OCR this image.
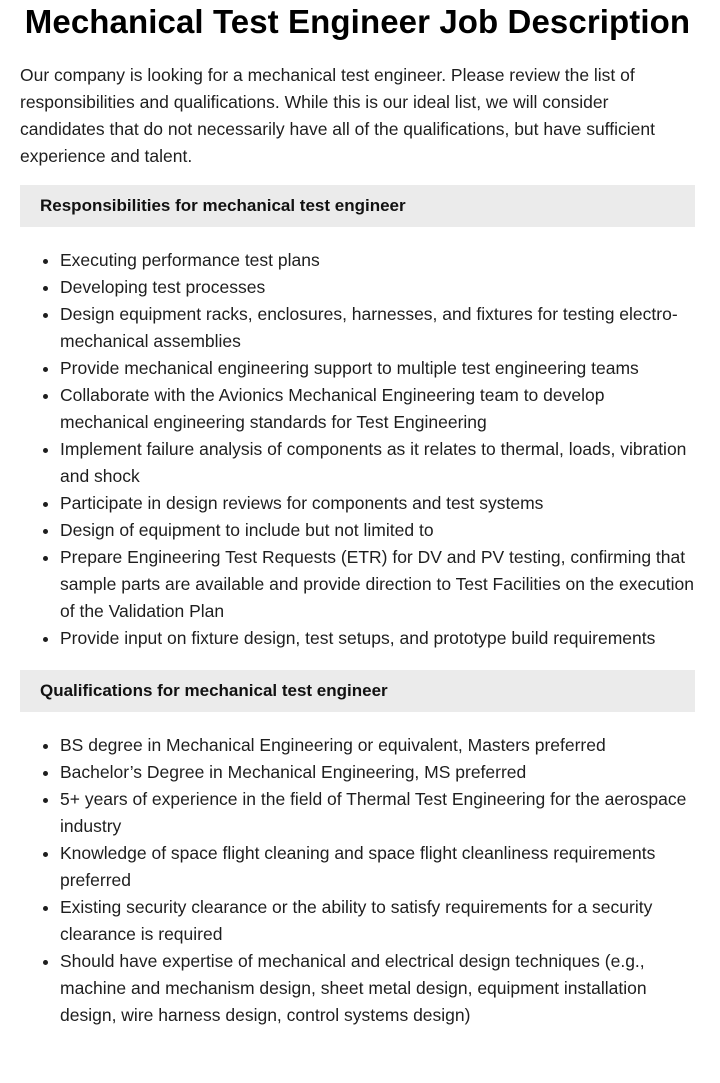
Mechanical Test Engineer Job Description

Our company is looking for a mechanical test engineer. Please review the list of responsibilities and qualifications. While this is our ideal list, we will consider candidates that do not necessarily have all of the qualifications, but have sufficient experience and talent.

Responsibilities for mechanical test engineer
• Executing performance test plans
• Developing test processes
• Design equipment racks, enclosures, harnesses, and fixtures for testing electro-mechanical assemblies
• Provide mechanical engineering support to multiple test engineering teams
• Collaborate with the Avionics Mechanical Engineering team to develop mechanical engineering standards for Test Engineering
• Implement failure analysis of components as it relates to thermal, loads, vibration and shock
• Participate in design reviews for components and test systems
• Design of equipment to include but not limited to
• Prepare Engineering Test Requests (ETR) for DV and PV testing, confirming that sample parts are available and provide direction to Test Facilities on the execution of the Validation Plan
• Provide input on fixture design, test setups, and prototype build requirements
Qualifications for mechanical test engineer
• BS degree in Mechanical Engineering or equivalent, Masters preferred
• Bachelor’s Degree in Mechanical Engineering, MS preferred
• 5+ years of experience in the field of Thermal Test Engineering for the aerospace industry
• Knowledge of space flight cleaning and space flight cleanliness requirements preferred
• Existing security clearance or the ability to satisfy requirements for a security clearance is required
• Should have expertise of mechanical and electrical design techniques (e.g., machine and mechanism design, sheet metal design, equipment installation design, wire harness design, control systems design)
